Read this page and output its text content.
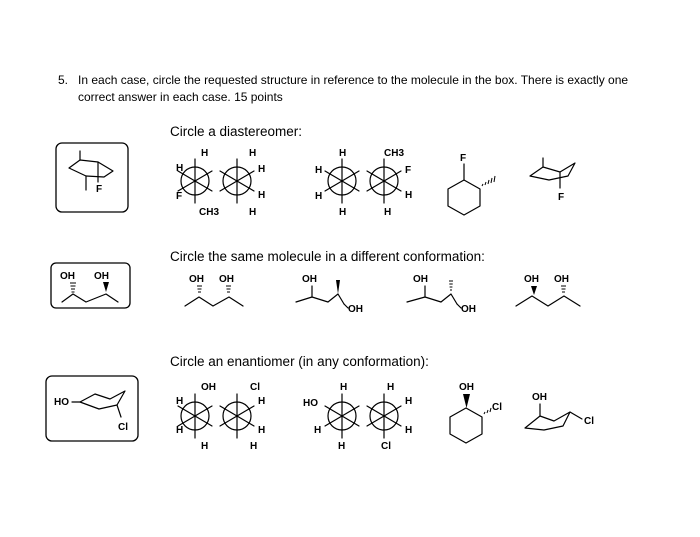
5. In each case, circle the requested structure in reference to the molecule in the box. There is exactly one correct answer in each case. 15 points
Circle a diastereomer:
Circle the same molecule in a different conformation:
Circle an enantiomer (in any conformation):
F
H	H
H
F
H
H
CH3	H
H	CH3
H
H
F
H
H	H
F
F
OH OH	OH OH	OH
OH
OH
OH
OH OH
HO
Cl
OH	Cl
H
H
H
H
H	H
H	H
HO
H
H
H
H	Cl
OH
Cl
OH
Cl
